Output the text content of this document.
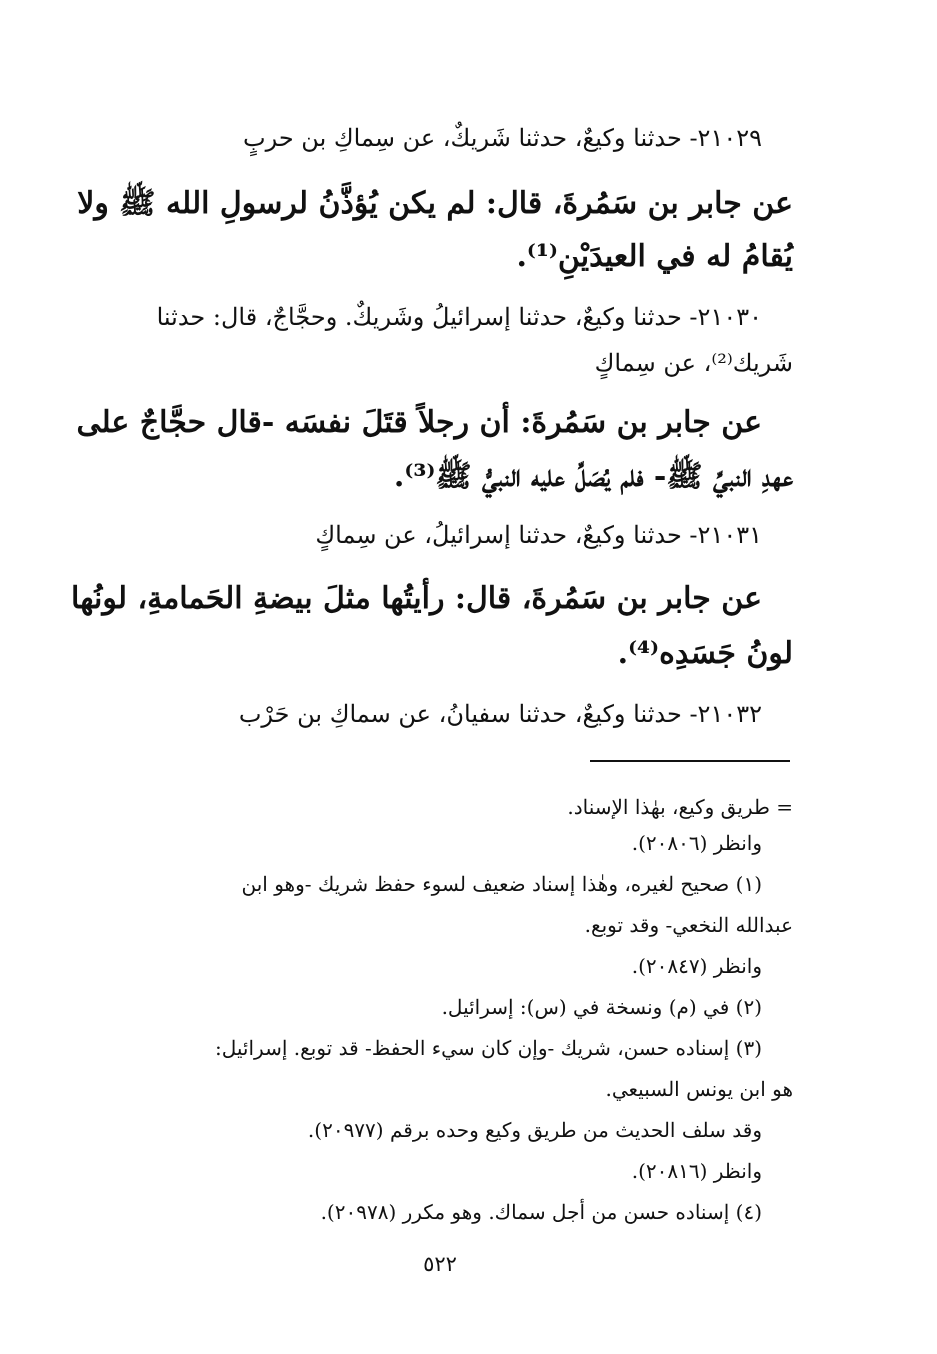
٢١٠٢٩- حدثنا وكيعٌ، حدثنا شَريكٌ، عن سِماكِ بن حربٍ
عن جابر بن سَمُرةَ، قال: لم يكن يُؤذَّنُ لرسولِ الله ﷺ ولا
يُقامُ له في العيدَيْنِ⁽¹⁾.
٢١٠٣٠- حدثنا وكيعٌ، حدثنا إسرائيلُ وشَريكٌ. وحجَّاجٌ، قال: حدثنا
شَريك⁽²⁾، عن سِماكٍ
عن جابر بن سَمُرةَ: أن رجلاً قتَلَ نفسَه -قال حجَّاجٌ على
عهدِ النبيِّ ﷺ- فلم يُصَلِّ عليه النبيُّ ﷺ⁽³⁾.
٢١٠٣١- حدثنا وكيعٌ، حدثنا إسرائيلُ، عن سِماكٍ
عن جابر بن سَمُرةَ، قال: رأيتُها مثلَ بيضةِ الحَمامةِ، لونُها
لونُ جَسَدِه⁽⁴⁾.
٢١٠٣٢- حدثنا وكيعٌ، حدثنا سفيانُ، عن سماكِ بن حَرْب
= طريق وكيع، بهٰذا الإسناد.
وانظر (٢٠٨٠٦).
(١) صحيح لغيره، وهٰذا إسناد ضعيف لسوء حفظ شريك -وهو ابن
عبدالله النخعي- وقد توبع.
وانظر (٢٠٨٤٧).
(٢) في (م) ونسخة في (س): إسرائيل.
(٣) إسناده حسن، شريك -وإن كان سيء الحفظ- قد توبع. إسرائيل:
هو ابن يونس السبيعي.
وقد سلف الحديث من طريق وكيع وحده برقم (٢٠٩٧٧).
وانظر (٢٠٨١٦).
(٤) إسناده حسن من أجل سماك. وهو مكرر (٢٠٩٧٨).
٥٢٢
